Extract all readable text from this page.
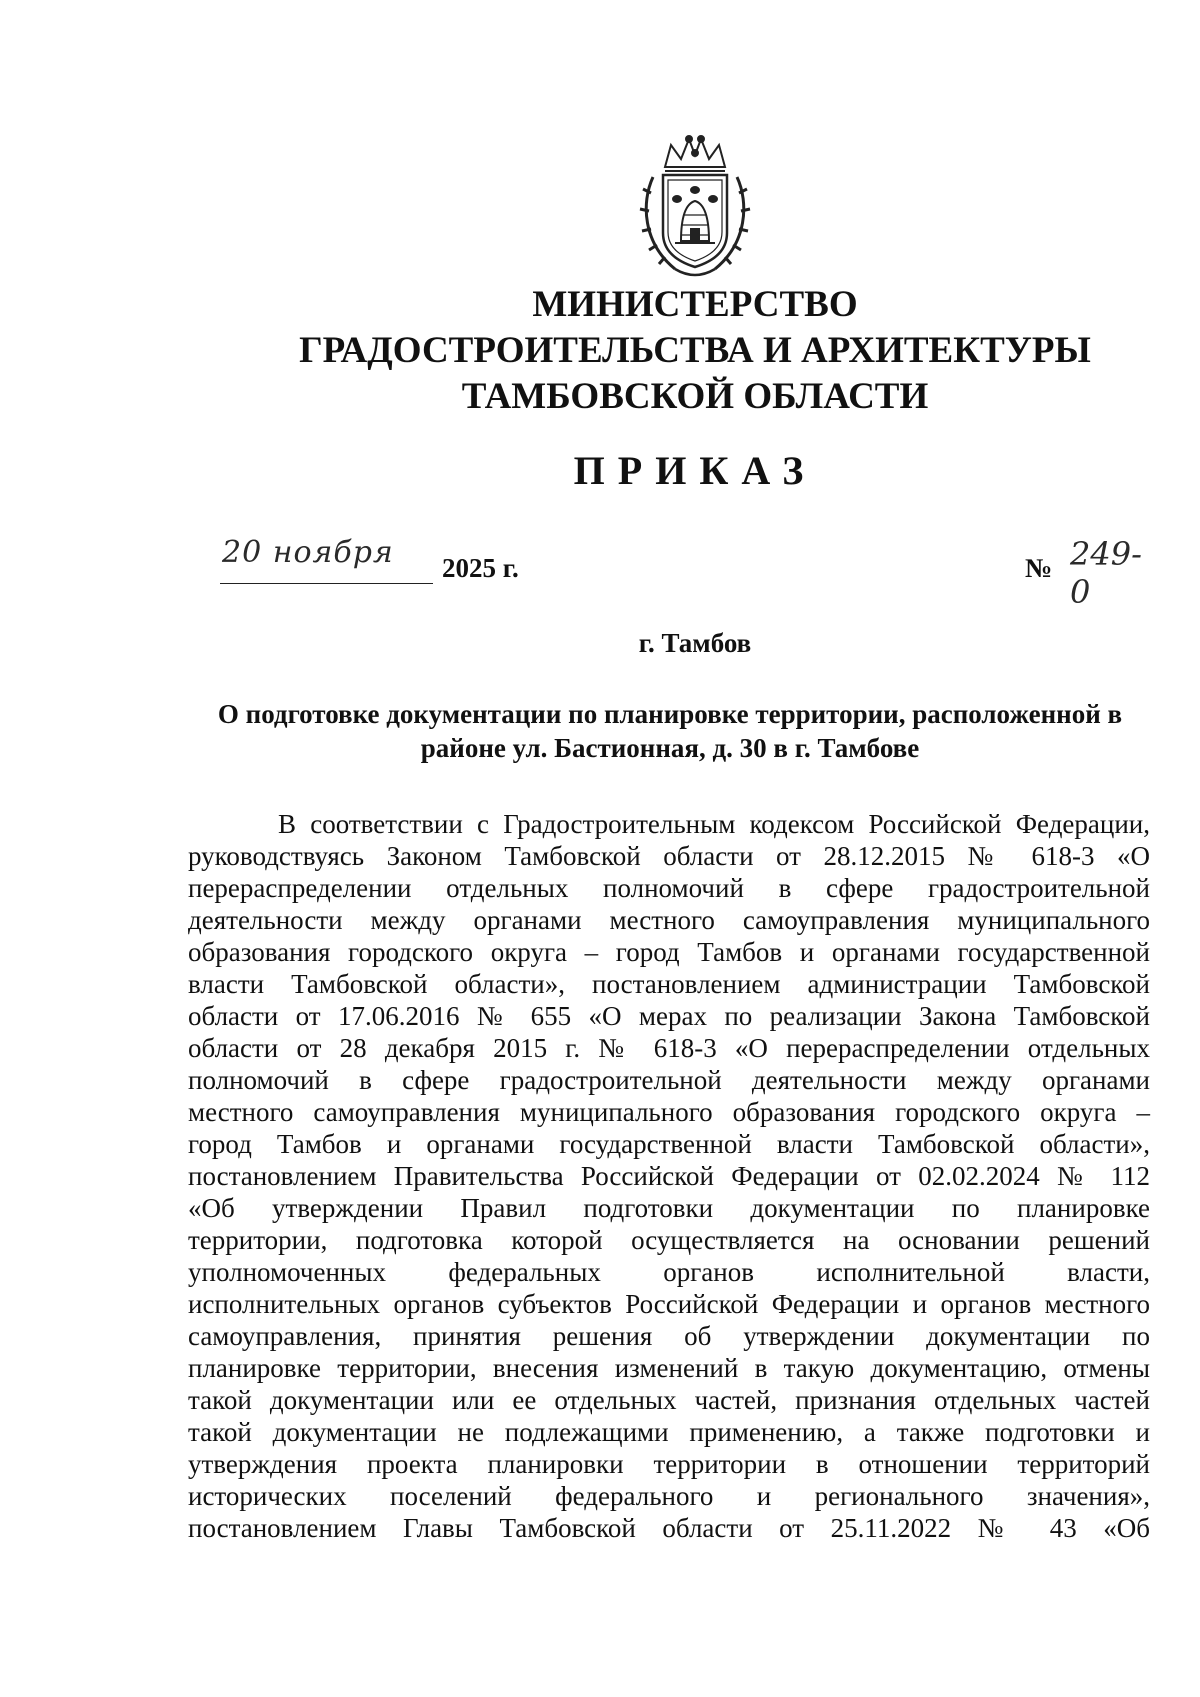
МИНИСТЕРСТВО
ГРАДОСТРОИТЕЛЬСТВА И АРХИТЕКТУРЫ
ТАМБОВСКОЙ ОБЛАСТИ
ПРИКАЗ
20 ноября 2025 г.	№ 249-0
г. Тамбов
О подготовке документации по планировке территории, расположенной в
районе ул. Бастионная, д. 30 в г. Тамбове
В соответствии с Градостроительным кодексом Российской Федерации,
руководствуясь Законом Тамбовской области от 28.12.2015 № 618-3 «О
перераспределении отдельных полномочий в сфере градостроительной
деятельности между органами местного самоуправления муниципального
образования городского округа – город Тамбов и органами государственной
власти Тамбовской области», постановлением администрации Тамбовской
области от 17.06.2016 № 655 «О мерах по реализации Закона Тамбовской
области от 28 декабря 2015 г. № 618-3 «О перераспределении отдельных
полномочий в сфере градостроительной деятельности между органами
местного самоуправления муниципального образования городского округа –
город Тамбов и органами государственной власти Тамбовской области»,
постановлением Правительства Российской Федерации от 02.02.2024 № 112
«Об утверждении Правил подготовки документации по планировке
территории, подготовка которой осуществляется на основании решений
уполномоченных федеральных органов исполнительной власти,
исполнительных органов субъектов Российской Федерации и органов местного
самоуправления, принятия решения об утверждении документации по
планировке территории, внесения изменений в такую документацию, отмены
такой документации или ее отдельных частей, признания отдельных частей
такой документации не подлежащими применению, а также подготовки и
утверждения проекта планировки территории в отношении территорий
исторических поселений федерального и регионального значения»,
постановлением Главы Тамбовской области от 25.11.2022 № 43 «Об
